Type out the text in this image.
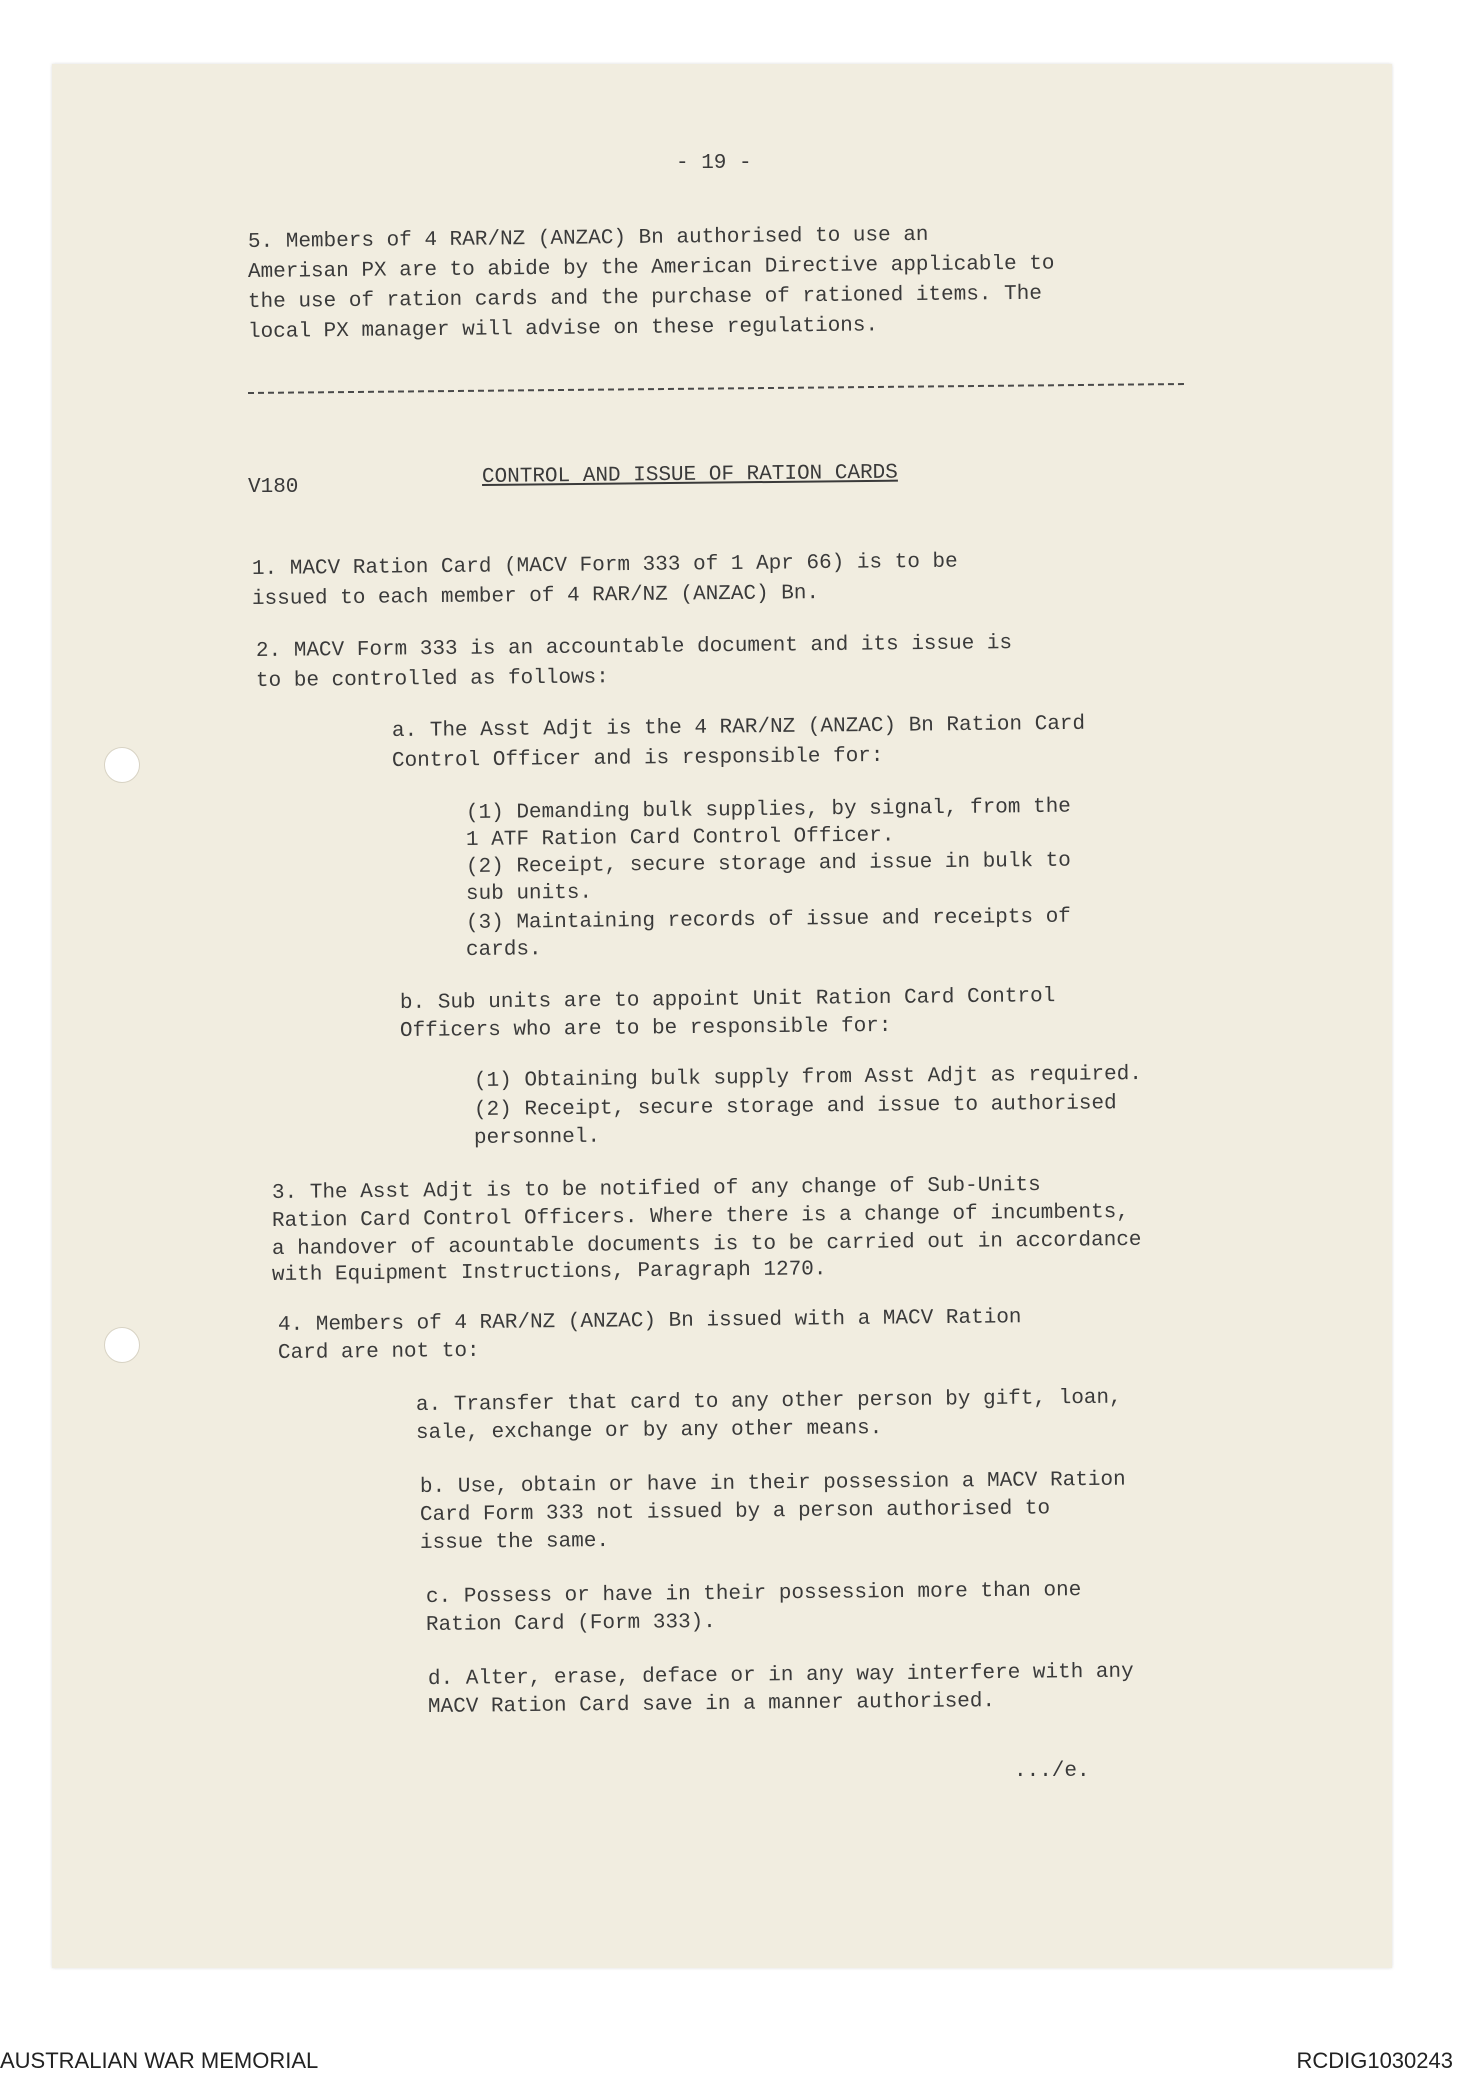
- 19 -

5. Members of 4 RAR/NZ (ANZAC) Bn authorised to use an

Amerisan PX are to abide by the American Directive applicable to

the use of ration cards and the purchase of rationed items. The

local PX manager will advise on these regulations.

V180	CONTROL AND ISSUE OF RATION CARDS

1. MACV Ration Card (MACV Form 333 of 1 Apr 66) is to be

issued to each member of 4 RAR/NZ (ANZAC) Bn.

2. MACV Form 333 is an accountable document and its issue is

to be controlled as follows:

a. The Asst Adjt is the 4 RAR/NZ (ANZAC) Bn Ration Card

Control Officer and is responsible for:

(1) Demanding bulk supplies, by signal, from the

1 ATF Ration Card Control Officer.

(2) Receipt, secure storage and issue in bulk to

sub units.

(3) Maintaining records of issue and receipts of

cards.

b. Sub units are to appoint Unit Ration Card Control

Officers who are to be responsible for:

(1) Obtaining bulk supply from Asst Adjt as required.

(2) Receipt, secure storage and issue to authorised

personnel.

3. The Asst Adjt is to be notified of any change of Sub-Units

Ration Card Control Officers. Where there is a change of incumbents,

a handover of acountable documents is to be carried out in accordance

with Equipment Instructions, Paragraph 1270.

4. Members of 4 RAR/NZ (ANZAC) Bn issued with a MACV Ration

Card are not to:

a. Transfer that card to any other person by gift, loan,

sale, exchange or by any other means.

b. Use, obtain or have in their possession a MACV Ration

Card Form 333 not issued by a person authorised to

issue the same.

c. Possess or have in their possession more than one

Ration Card (Form 333).

d. Alter, erase, deface or in any way interfere with any

MACV Ration Card save in a manner authorised.

.../e.

AUSTRALIAN WAR MEMORIAL	RCDIG1030243
